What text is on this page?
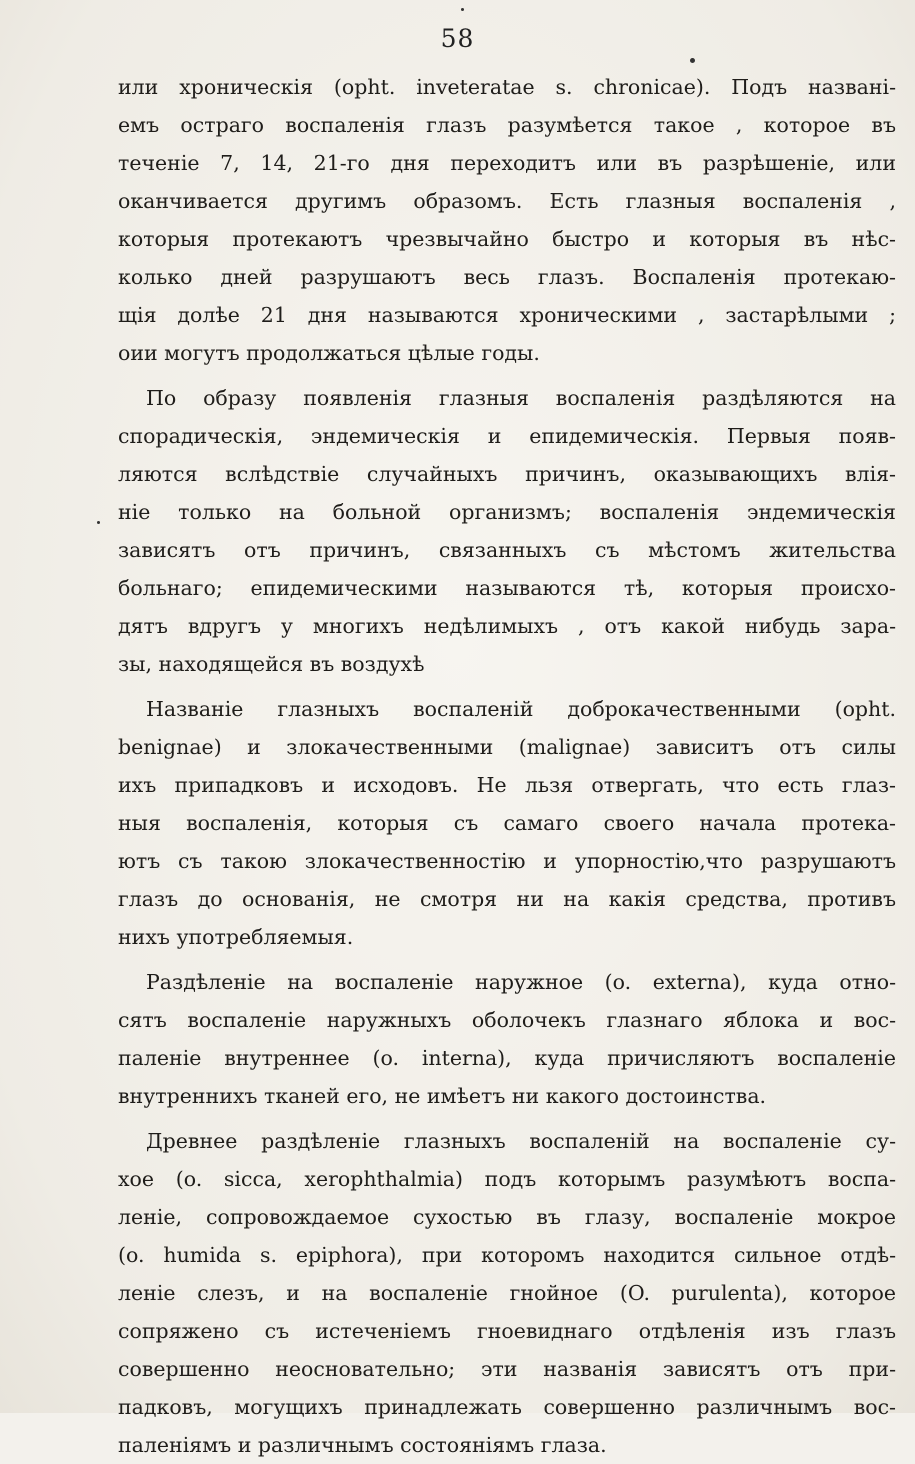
58
или хроническія (opht. inveteratae s. chronicae). Подъ названі-
емъ остраго воспаленія глазъ разумѣется такое , которое въ
теченіе 7, 14, 21-го дня переходитъ или въ разрѣшеніе, или
оканчивается другимъ образомъ. Есть глазныя воспаленія ,
которыя протекаютъ чрезвычайно быстро и которыя въ нѣс-
колько дней разрушаютъ весь глазъ. Воспаленія протекаю-
щія долѣе 21 дня называются хроническими , застарѣлыми ;
оии могутъ продолжаться цѣлые годы.
По образу появленія глазныя воспаленія раздѣляются на
спорадическія, эндемическія и епидемическія. Первыя появ-
ляются вслѣдствіе случайныхъ причинъ, оказывающихъ влія-
ніе только на больной организмъ; воспаленія эндемическія
зависятъ отъ причинъ, связанныхъ съ мѣстомъ жительства
больнаго; епидемическими называются тѣ, которыя происхо-
дятъ вдругъ у многихъ недѣлимыхъ , отъ какой нибудь зара-
зы, находящейся въ воздухѣ
Названіе глазныхъ воспаленій доброкачественными (opht.
benignae) и злокачественными (malignae) зависитъ отъ силы
ихъ припадковъ и исходовъ. Не льзя отвергать, что есть глаз-
ныя воспаленія, которыя съ самаго своего начала протека-
ютъ съ такою злокачественностію и упорностію,что разрушаютъ
глазъ до основанія, не смотря ни на какія средства, противъ
нихъ употребляемыя.
Раздѣленіе на воспаленіе наружное (o. externa), куда отно-
сятъ воспаленіе наружныхъ оболочекъ глазнаго яблока и вос-
паленіе внутреннее (o. interna), куда причисляютъ воспаленіе
внутреннихъ тканей его, не имѣетъ ни какого достоинства.
Древнее раздѣленіе глазныхъ воспаленій на воспаленіе су-
хое (o. sicca, xerophthalmia) подъ которымъ разумѣютъ воспа-
леніе, сопровождаемое сухостью въ глазу, воспаленіе мокрое
(o. humida s. epiphora), при которомъ находится сильное отдѣ-
леніе слезъ, и на воспаленіе гнойное (O. purulenta), которое
сопряжено съ истеченіемъ гноевиднаго отдѣленія изъ глазъ
совершенно неосновательно; эти названія зависятъ отъ при-
падковъ, могущихъ принадлежать совершенно различнымъ вос-
паленіямъ и различнымъ состояніямъ глаза.
